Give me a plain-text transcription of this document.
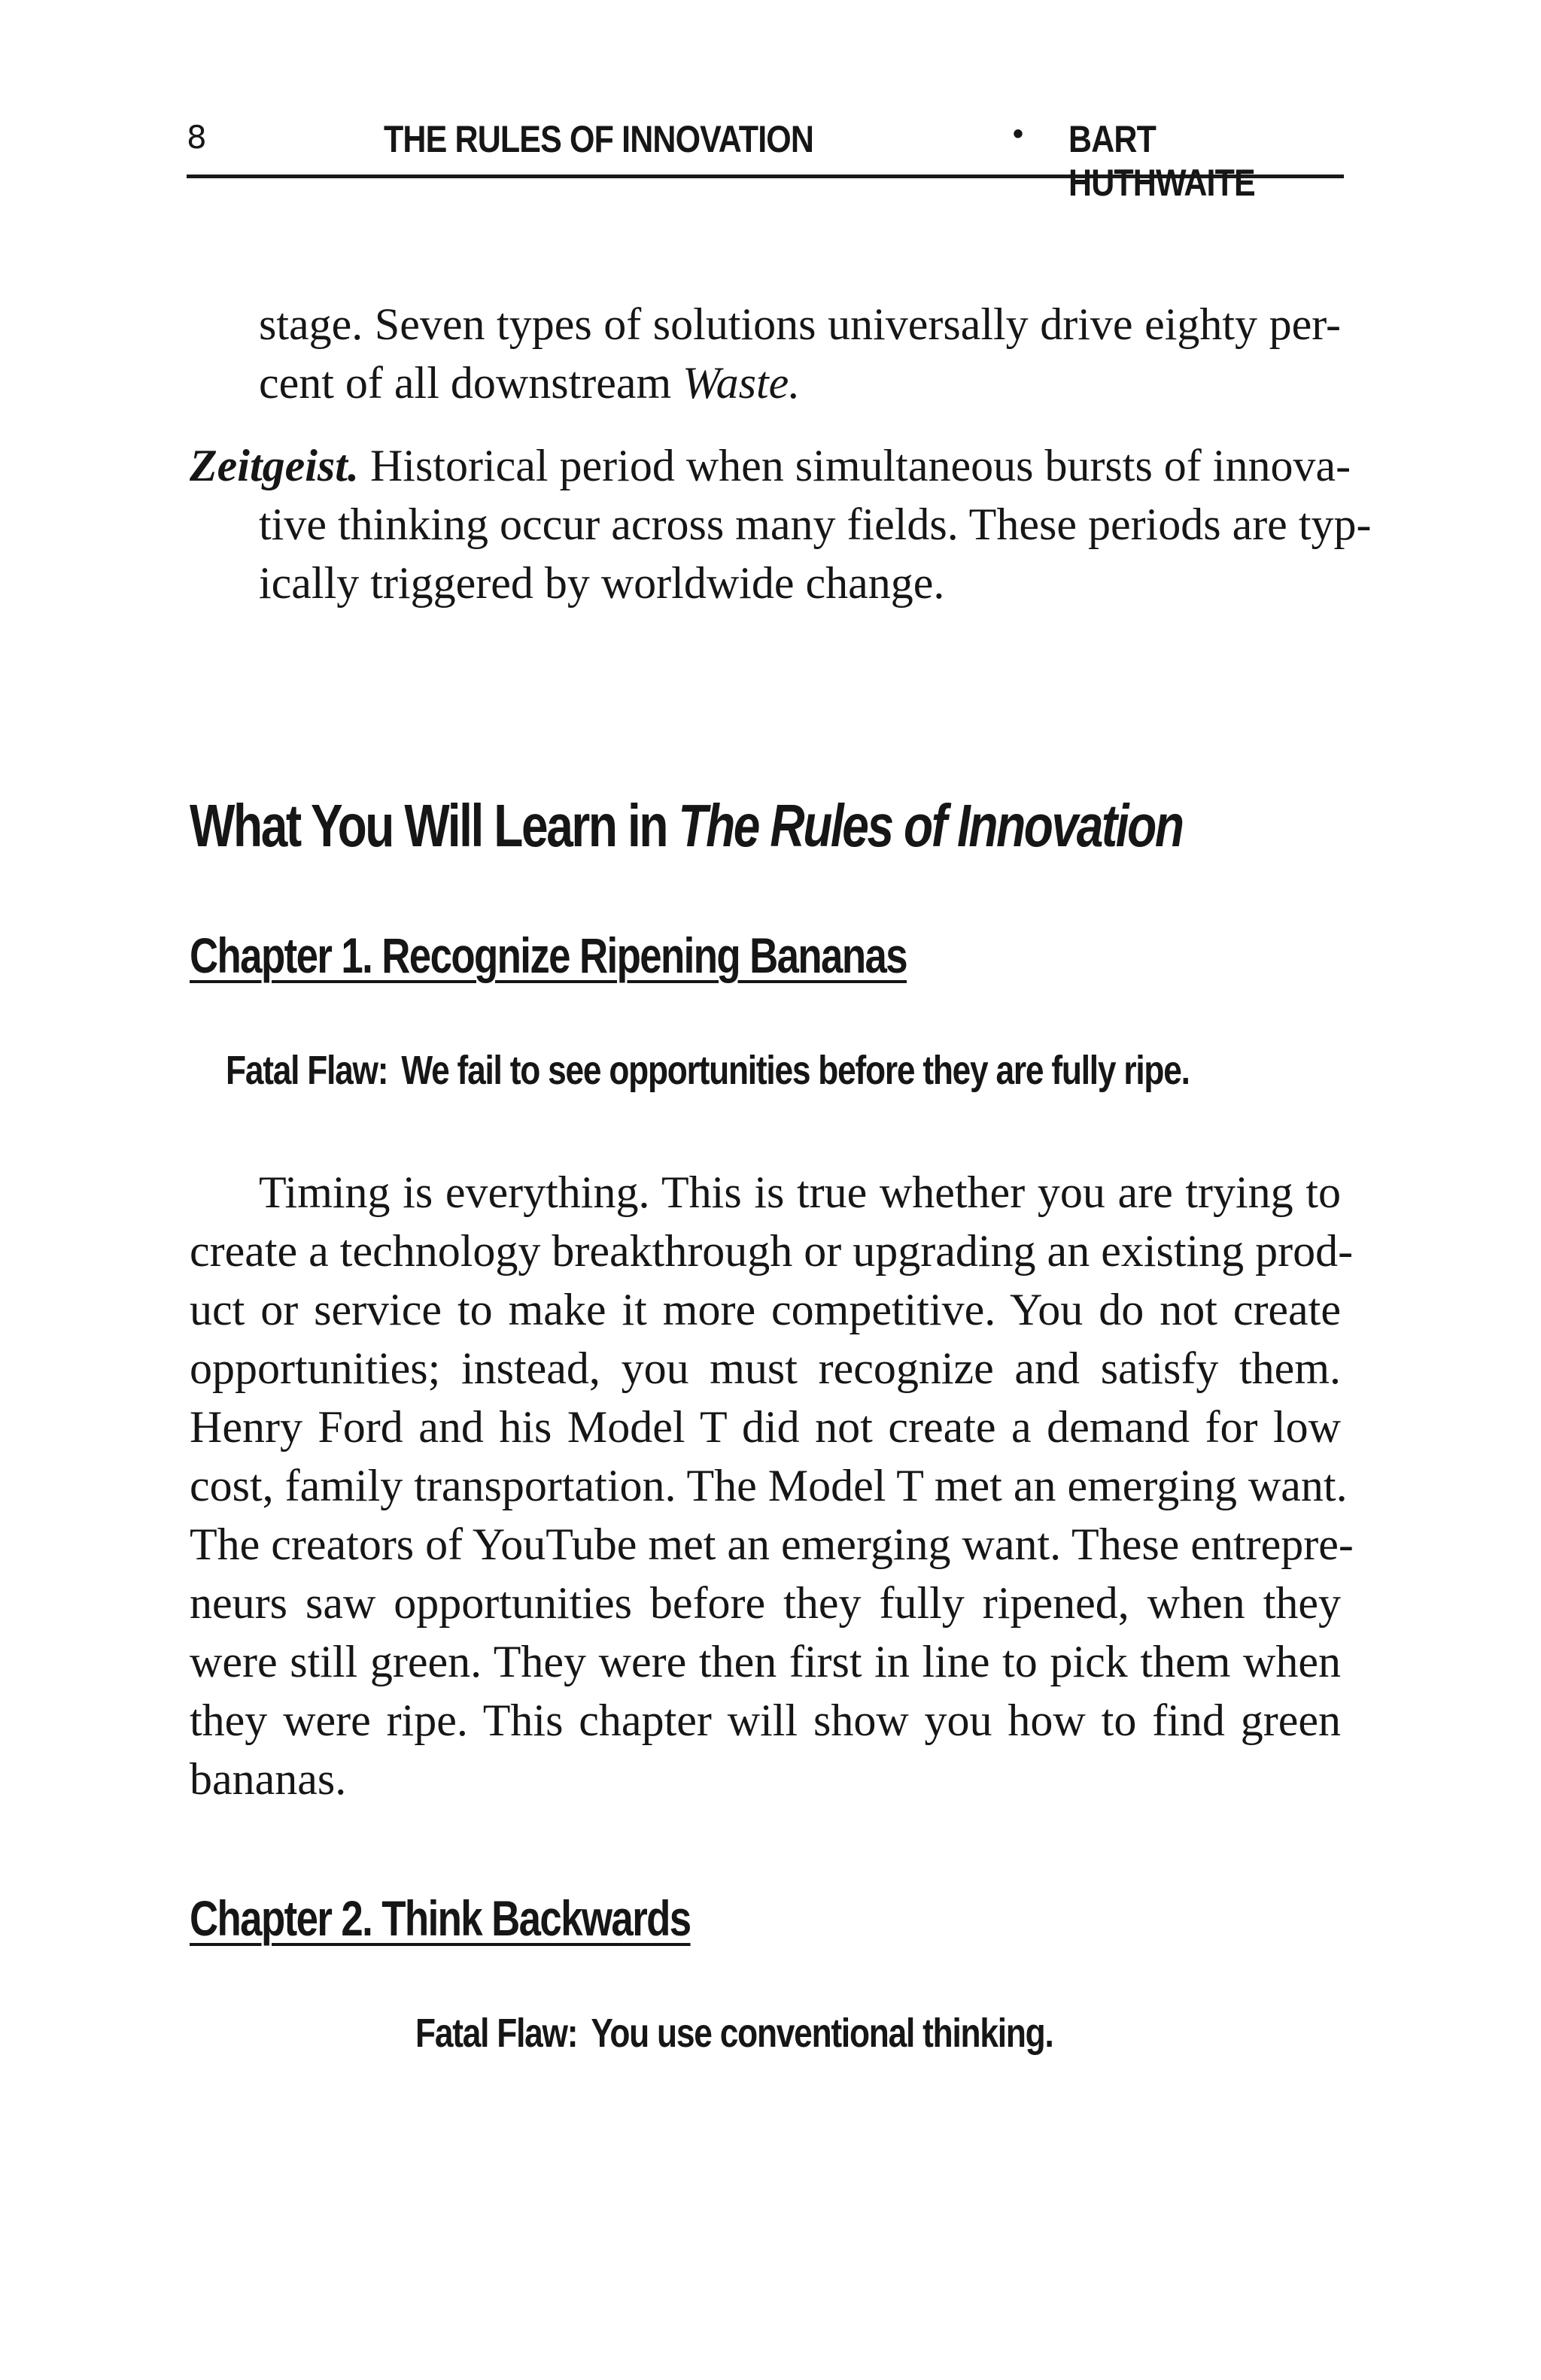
8	THE RULES OF INNOVATION	• BART HUTHWAITE
stage. Seven types of solutions universally drive eighty per-
cent of all downstream Waste.
Zeitgeist. Historical period when simultaneous bursts of innova-
tive thinking occur across many fields. These periods are typ-
ically triggered by worldwide change.
What You Will Learn in The Rules of Innovation
Chapter 1. Recognize Ripening Bananas
Fatal Flaw: We fail to see opportunities before they are fully ripe.
Timing is everything. This is true whether you are trying to
create a technology breakthrough or upgrading an existing prod-
uct or service to make it more competitive. You do not create
opportunities; instead, you must recognize and satisfy them.
Henry Ford and his Model T did not create a demand for low
cost, family transportation. The Model T met an emerging want.
The creators of YouTube met an emerging want. These entrepre-
neurs saw opportunities before they fully ripened, when they
were still green. They were then first in line to pick them when
they were ripe. This chapter will show you how to find green
bananas.
Chapter 2. Think Backwards
Fatal Flaw: You use conventional thinking.
